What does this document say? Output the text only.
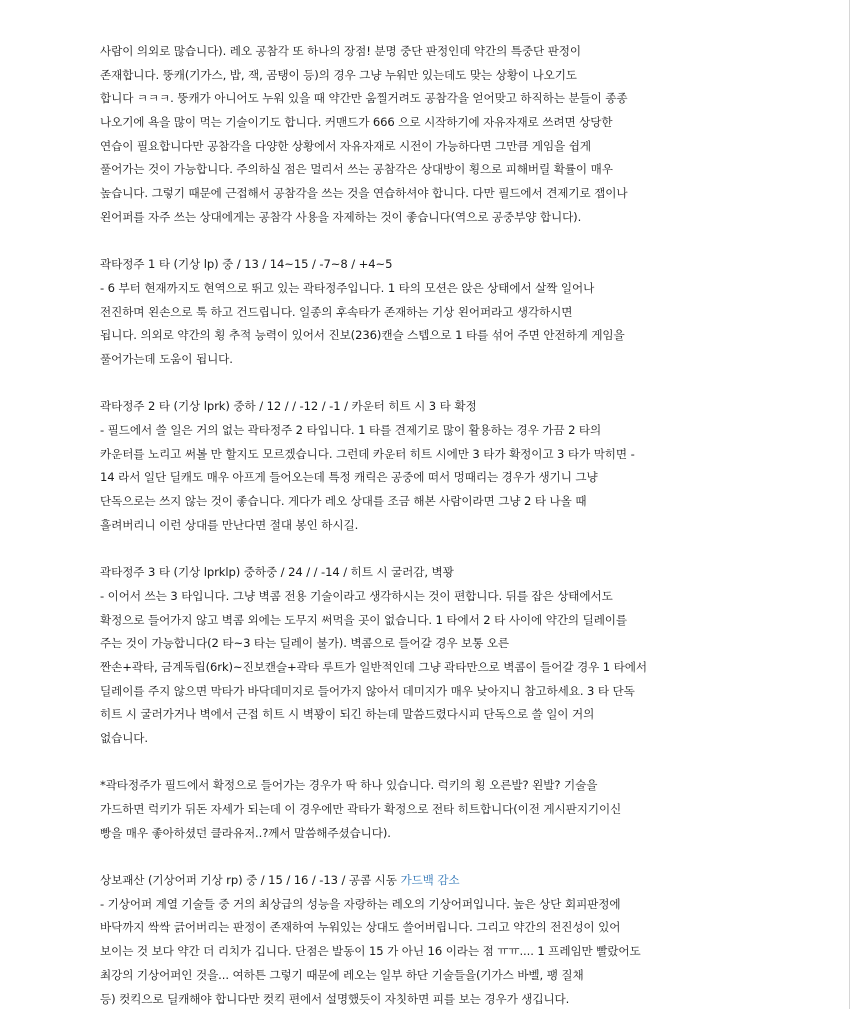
사람이 의외로 많습니다). 레오 공참각 또 하나의 장점! 분명 중단 판정인데 약간의 특중단 판정이
존재합니다. 뚱캐(기가스, 밥, 잭, 곰탱이 등)의 경우 그냥 누워만 있는데도 맞는 상황이 나오기도
합니다 ㅋㅋㅋ. 뚱캐가 아니어도 누워 있을 때 약간만 움찔거려도 공참각을 얻어맞고 하직하는 분들이 종종
나오기에 욕을 많이 먹는 기술이기도 합니다. 커맨드가 666 으로 시작하기에 자유자재로 쓰려면 상당한
연습이 필요합니다만 공참각을 다양한 상황에서 자유자재로 시전이 가능하다면 그만큼 게임을 쉽게
풀어가는 것이 가능합니다. 주의하실 점은 멀리서 쓰는 공참각은 상대방이 횡으로 피해버릴 확률이 매우
높습니다. 그렇기 때문에 근접해서 공참각을 쓰는 것을 연습하셔야 합니다. 다만 필드에서 견제기로 잽이나
왼어퍼를 자주 쓰는 상대에게는 공참각 사용을 자제하는 것이 좋습니다(역으로 공중부양 합니다).
곽타정주 1 타 (기상 lp) 중 / 13 / 14~15 / -7~8 / +4~5
- 6 부터 현재까지도 현역으로 뛰고 있는 곽타정주입니다. 1 타의 모션은 앉은 상태에서 살짝 일어나
전진하며 왼손으로 툭 하고 건드립니다. 일종의 후속타가 존재하는 기상 왼어퍼라고 생각하시면
됩니다. 의외로 약간의 횡 추적 능력이 있어서 진보(236)캔슬 스텝으로 1 타를 섞어 주면 안전하게 게임을
풀어가는데 도움이 됩니다.
곽타정주 2 타 (기상 lprk) 중하 / 12 / / -12 / -1 / 카운터 히트 시 3 타 확정
- 필드에서 쓸 일은 거의 없는 곽타정주 2 타입니다. 1 타를 견제기로 많이 활용하는 경우 가끔 2 타의
카운터를 노리고 써볼 만 할지도 모르겠습니다. 그런데 카운터 히트 시에만 3 타가 확정이고 3 타가 막히면 -
14 라서 일단 딜캐도 매우 아프게 들어오는데 특정 캐릭은 공중에 떠서 멍때리는 경우가 생기니 그냥
단독으로는 쓰지 않는 것이 좋습니다. 게다가 레오 상대를 조금 해본 사람이라면 그냥 2 타 나올 때
흘려버리니 이런 상대를 만난다면 절대 봉인 하시길.
곽타정주 3 타 (기상 lprklp) 중하중 / 24 / / -14 / 히트 시 굴러감, 벽꽝
- 이어서 쓰는 3 타입니다. 그냥 벽콤 전용 기술이라고 생각하시는 것이 편합니다. 뒤를 잡은 상태에서도
확정으로 들어가지 않고 벽콤 외에는 도무지 써먹을 곳이 없습니다. 1 타에서 2 타 사이에 약간의 딜레이를
주는 것이 가능합니다(2 타~3 타는 딜레이 불가). 벽콤으로 들어갈 경우 보통 오른
짠손+곽타, 금계독립(6rk)~진보캔슬+곽타 루트가 일반적인데 그냥 곽타만으로 벽콤이 들어갈 경우 1 타에서
딜레이를 주지 않으면 막타가 바닥데미지로 들어가지 않아서 데미지가 매우 낮아지니 참고하세요. 3 타 단독
히트 시 굴러가거나 벽에서 근접 히트 시 벽꽝이 되긴 하는데 말씀드렸다시피 단독으로 쓸 일이 거의
없습니다.
*곽타정주가 필드에서 확정으로 들어가는 경우가 딱 하나 있습니다. 럭키의 횡 오른발? 왼발? 기술을
가드하면 럭키가 뒤돈 자세가 되는데 이 경우에만 곽타가 확정으로 전타 히트합니다(이전 게시판지기이신
빵을 매우 좋아하셨던 클라유저..?께서 말씀해주셨습니다).
상보괘산 (기상어퍼 기상 rp) 중 / 15 / 16 / -13 / 공콤 시동 가드백 감소
- 기상어퍼 계열 기술들 중 거의 최상급의 성능을 자랑하는 레오의 기상어퍼입니다. 높은 상단 회피판정에
바닥까지 싹싹 긁어버리는 판정이 존재하여 누워있는 상대도 쓸어버립니다. 그리고 약간의 전진성이 있어
보이는 것 보다 약간 더 리치가 깁니다. 단점은 발동이 15 가 아닌 16 이라는 점 ㅠㅠ.... 1 프레임만 빨랐어도
최강의 기상어퍼인 것을... 여하튼 그렇기 때문에 레오는 일부 하단 기술들을(기가스 바벨, 팽 질채
등) 컷킥으로 딜캐해야 합니다만 컷킥 편에서 설명했듯이 자칫하면 피를 보는 경우가 생깁니다.
